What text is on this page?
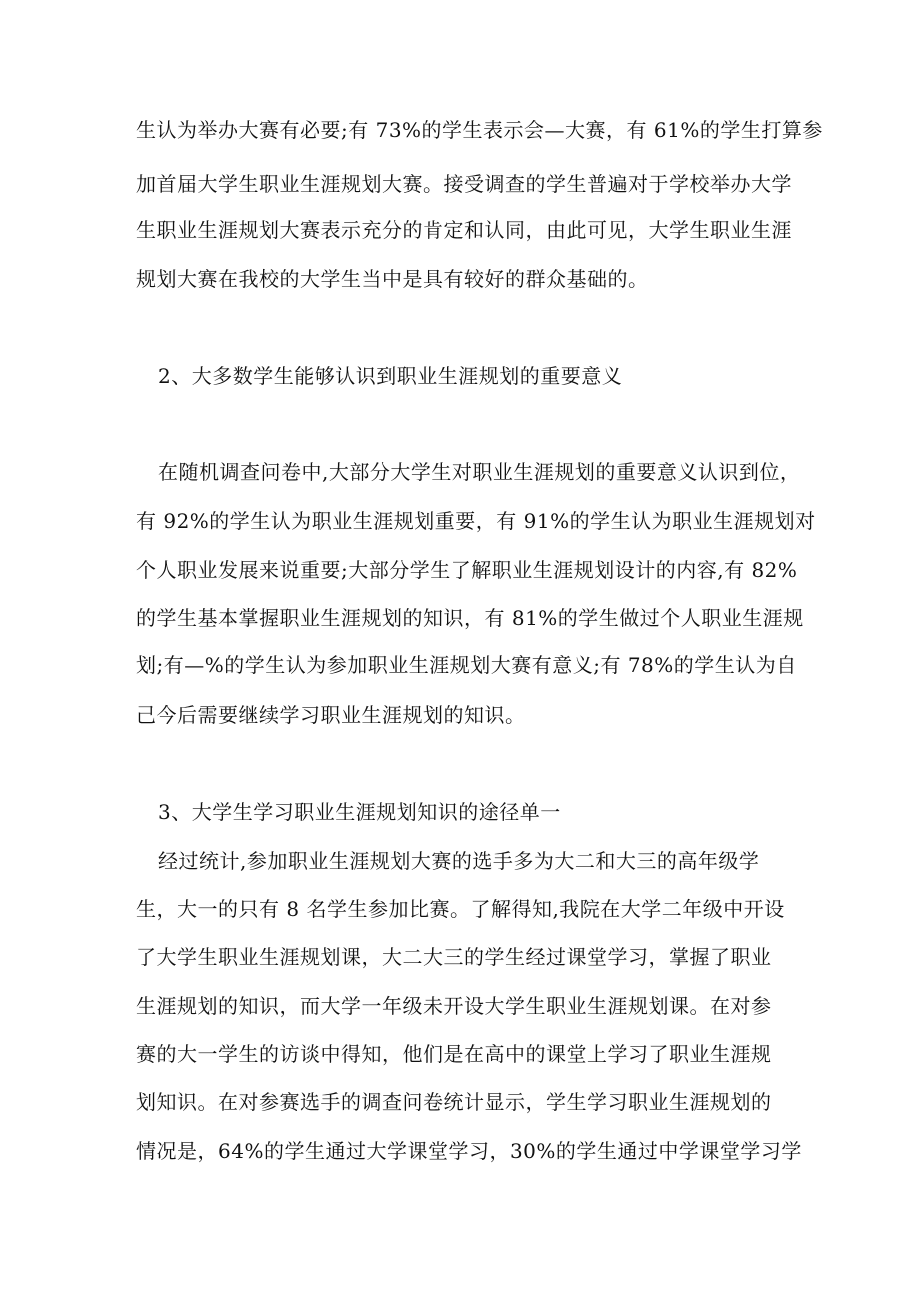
生认为举办大赛有必要;有 73%的学生表示会—大赛，有 61%的学生打算参
加首届大学生职业生涯规划大赛。接受调查的学生普遍对于学校举办大学
生职业生涯规划大赛表示充分的肯定和认同，由此可见，大学生职业生涯
规划大赛在我校的大学生当中是具有较好的群众基础的。
2、大多数学生能够认识到职业生涯规划的重要意义
在随机调查问卷中,大部分大学生对职业生涯规划的重要意义认识到位，
有 92%的学生认为职业生涯规划重要，有 91%的学生认为职业生涯规划对
个人职业发展来说重要;大部分学生了解职业生涯规划设计的内容,有 82%
的学生基本掌握职业生涯规划的知识，有 81%的学生做过个人职业生涯规
划;有—%的学生认为参加职业生涯规划大赛有意义;有 78%的学生认为自
己今后需要继续学习职业生涯规划的知识。
3、大学生学习职业生涯规划知识的途径单一
经过统计,参加职业生涯规划大赛的选手多为大二和大三的高年级学
生，大一的只有 8 名学生参加比赛。了解得知,我院在大学二年级中开设
了大学生职业生涯规划课，大二大三的学生经过课堂学习，掌握了职业
生涯规划的知识，而大学一年级未开设大学生职业生涯规划课。在对参
赛的大一学生的访谈中得知，他们是在高中的课堂上学习了职业生涯规
划知识。在对参赛选手的调查问卷统计显示，学生学习职业生涯规划的
情况是，64%的学生通过大学课堂学习，30%的学生通过中学课堂学习学
